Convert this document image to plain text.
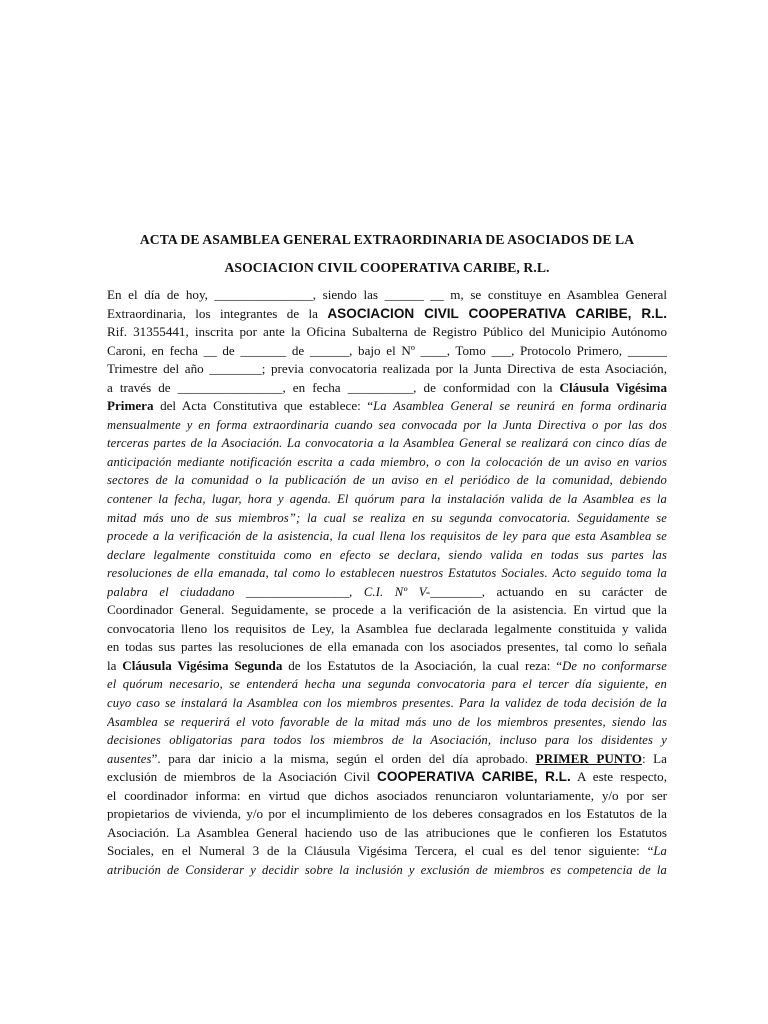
ACTA DE ASAMBLEA GENERAL EXTRAORDINARIA DE ASOCIADOS DE LA
ASOCIACION CIVIL COOPERATIVA CARIBE, R.L.
En el día de hoy, _______________, siendo las ______ __ m, se constituye en Asamblea General
Extraordinaria, los integrantes de la ASOCIACION CIVIL COOPERATIVA CARIBE, R.L.
Rif. 31355441, inscrita por ante la Oficina Subalterna de Registro Público del Municipio Autónomo
Caroni, en fecha __ de _______ de ______, bajo el Nº ____, Tomo ___, Protocolo Primero, ______
Trimestre del año ________; previa convocatoria realizada por la Junta Directiva de esta Asociación,
a través de ________________, en fecha __________, de conformidad con la Cláusula Vigésima
Primera del Acta Constitutiva que establece: “La Asamblea General se reunirá en forma ordinaria
mensualmente y en forma extraordinaria cuando sea convocada por la Junta Directiva o por las dos
terceras partes de la Asociación. La convocatoria a la Asamblea General se realizará con cinco días de
anticipación mediante notificación escrita a cada miembro, o con la colocación de un aviso en varios
sectores de la comunidad o la publicación de un aviso en el periódico de la comunidad, debiendo
contener la fecha, lugar, hora y agenda. El quórum para la instalación valida de la Asamblea es la
mitad más uno de sus miembros”; la cual se realiza en su segunda convocatoria. Seguidamente se
procede a la verificación de la asistencia, la cual llena los requisitos de ley para que esta Asamblea se
declare legalmente constituida como en efecto se declara, siendo valida en todas sus partes las
resoluciones de ella emanada, tal como lo establecen nuestros Estatutos Sociales. Acto seguido toma la
palabra el ciudadano ________________, C.I. Nº V-________, actuando en su carácter de
Coordinador General. Seguidamente, se procede a la verificación de la asistencia. En virtud que la
convocatoria lleno los requisitos de Ley, la Asamblea fue declarada legalmente constituida y valida
en todas sus partes las resoluciones de ella emanada con los asociados presentes, tal como lo señala
la Cláusula Vigésima Segunda de los Estatutos de la Asociación, la cual reza: “De no conformarse
el quórum necesario, se entenderá hecha una segunda convocatoria para el tercer día siguiente, en
cuyo caso se instalará la Asamblea con los miembros presentes. Para la validez de toda decisión de la
Asamblea se requerirá el voto favorable de la mitad más uno de los miembros presentes, siendo las
decisiones obligatorias para todos los miembros de la Asociación, incluso para los disidentes y
ausentes”. para dar inicio a la misma, según el orden del día aprobado. PRIMER PUNTO: La
exclusión de miembros de la Asociación Civil COOPERATIVA CARIBE, R.L. A este respecto,
el coordinador informa: en virtud que dichos asociados renunciaron voluntariamente, y/o por ser
propietarios de vivienda, y/o por el incumplimiento de los deberes consagrados en los Estatutos de la
Asociación. La Asamblea General haciendo uso de las atribuciones que le confieren los Estatutos
Sociales, en el Numeral 3 de la Cláusula Vigésima Tercera, el cual es del tenor siguiente: “La
atribución de Considerar y decidir sobre la inclusión y exclusión de miembros es competencia de la
